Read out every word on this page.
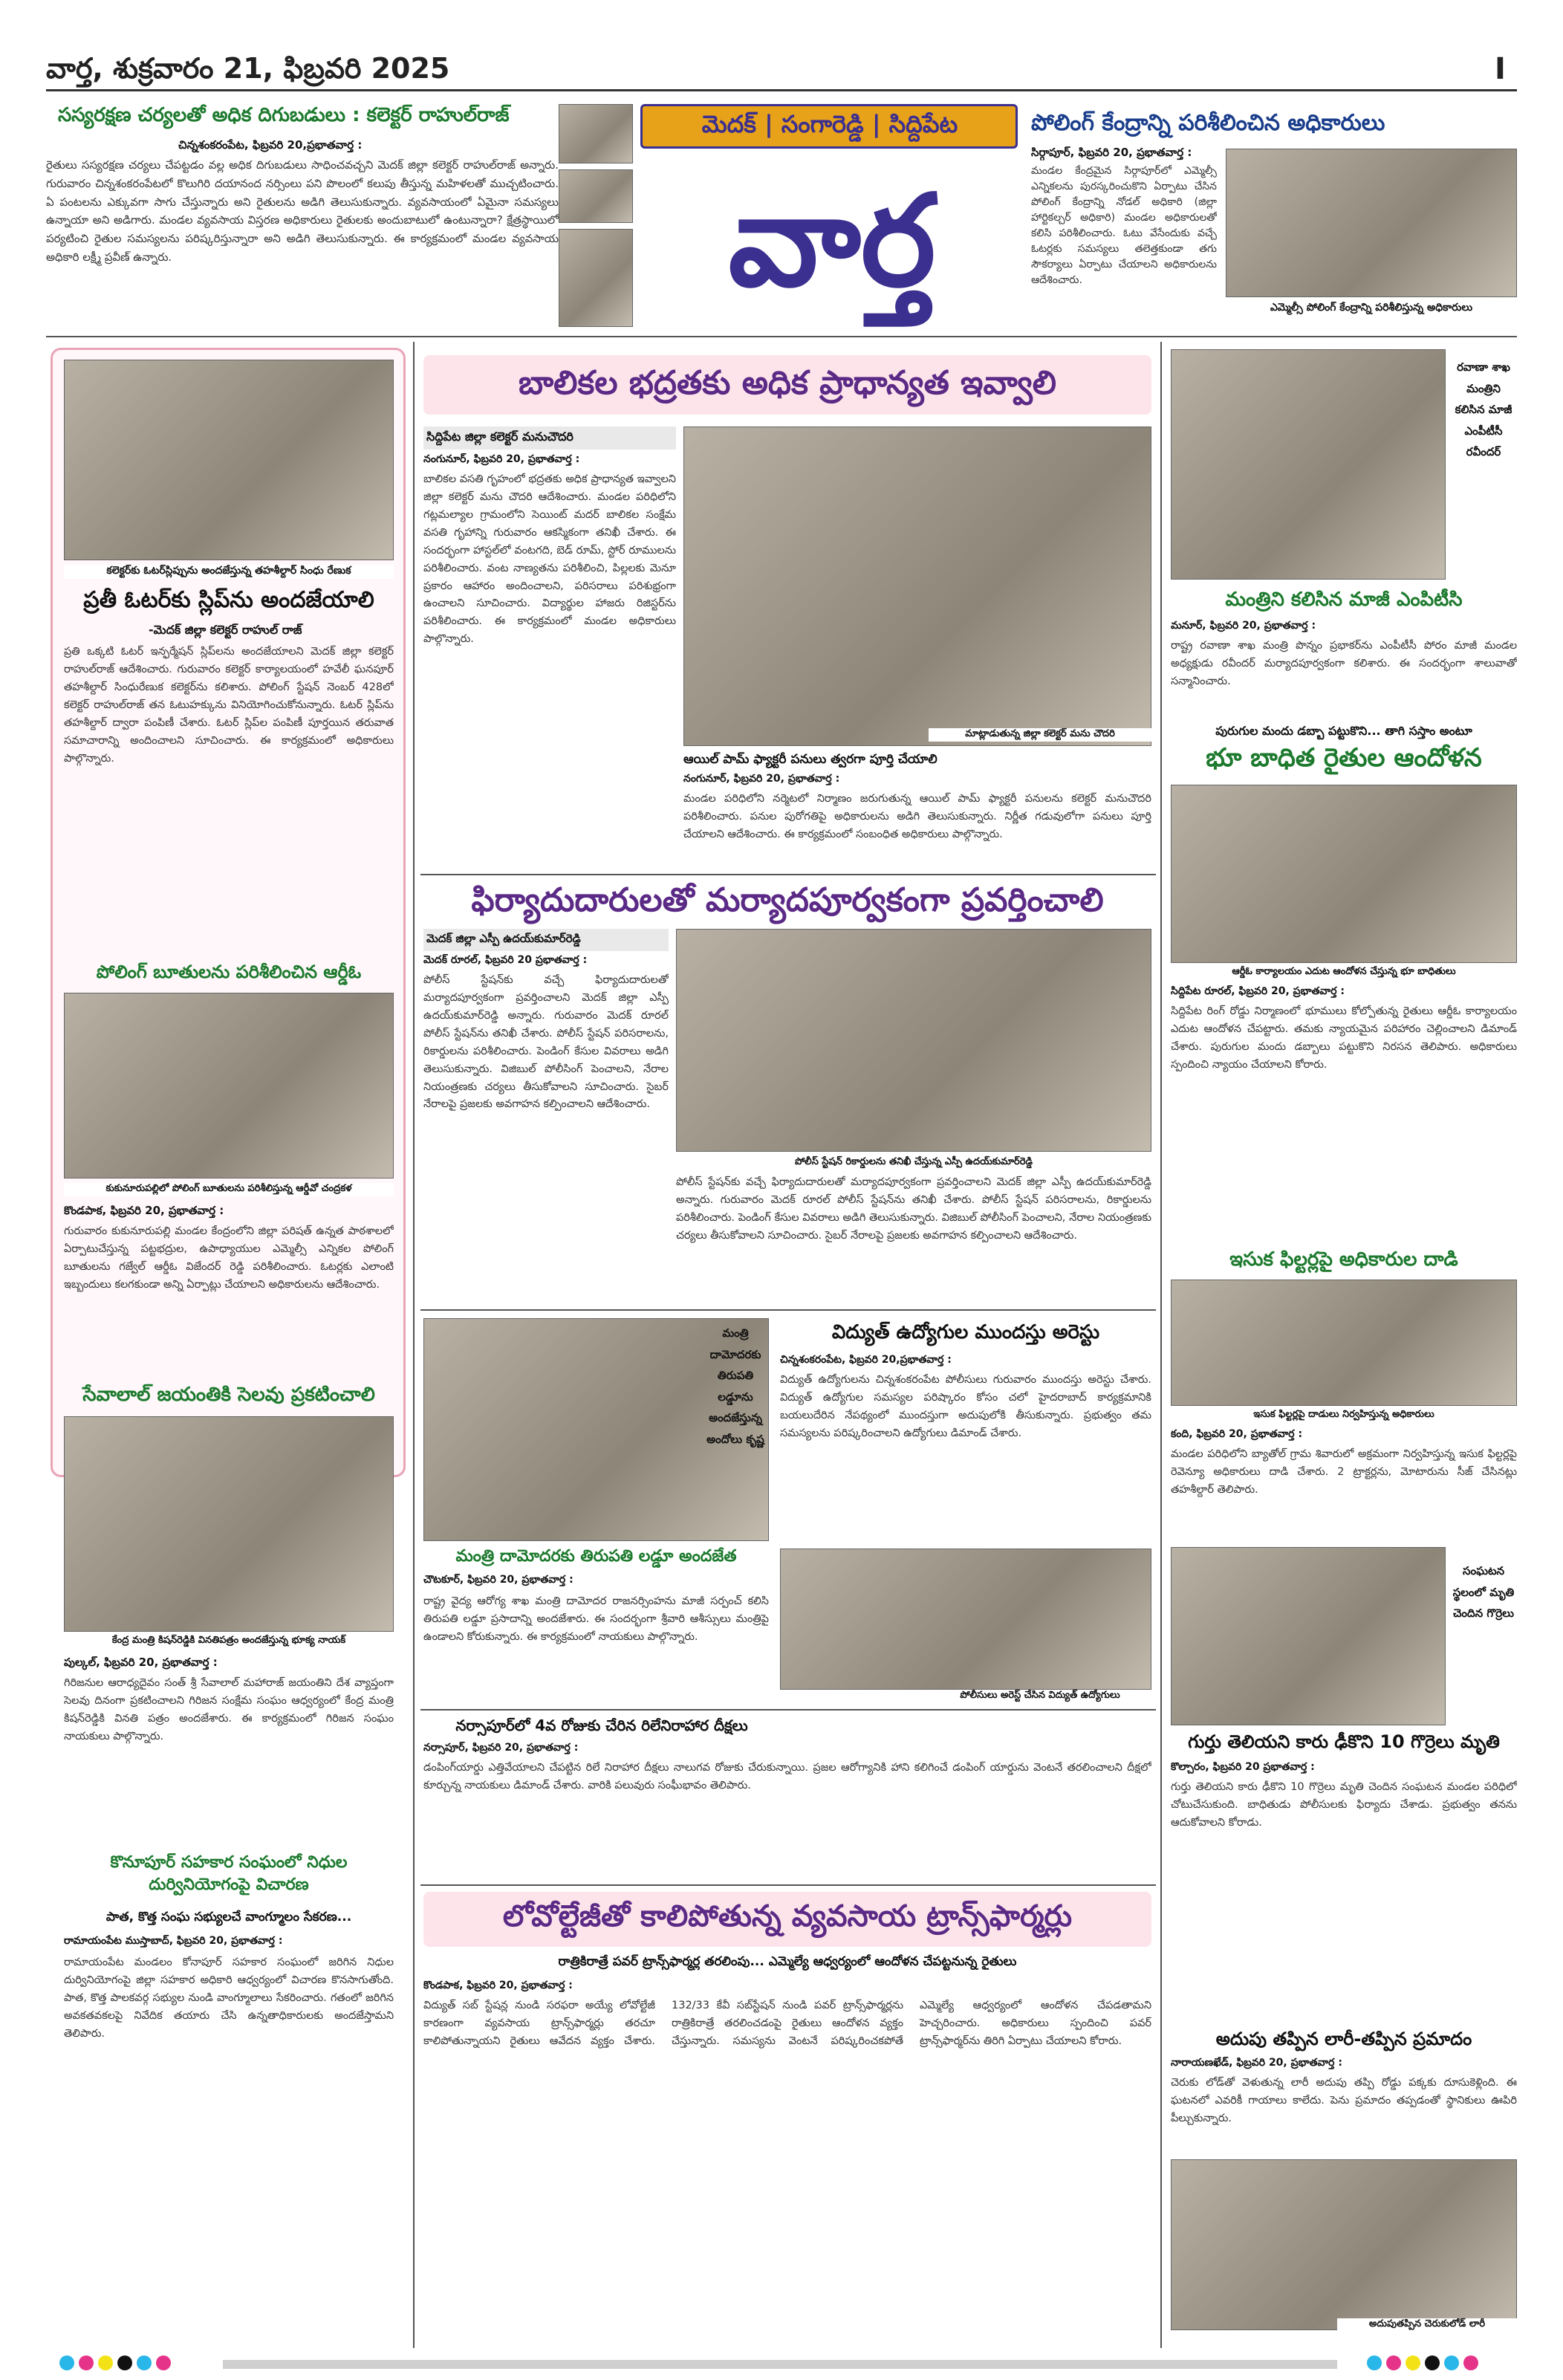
వార్త, శుక్రవారం 21, ఫిబ్రవరి 2025	I
సస్యరక్షణ చర్యలతో అధిక దిగుబడులు : కలెక్టర్ రాహుల్‌రాజ్
చిన్నశంకరంపేట, ఫిబ్రవరి 20,ప్రభాతవార్త :
రైతులు సస్యరక్షణ చర్యలు చేపట్టడం వల్ల అధిక దిగుబడులు సాధించవచ్చని మెదక్ జిల్లా కలెక్టర్ రాహుల్‌రాజ్ అన్నారు. గురువారం చిన్నశంకరంపేటలో కొలుగిరి దయానంద నర్సింలు పని పొలంలో కలుపు తీస్తున్న మహిళలతో ముచ్చటించారు. ఏ పంటలను ఎక్కువగా సాగు చేస్తున్నారు అని రైతులను అడిగి తెలుసుకున్నారు. వ్యవసాయంలో ఏమైనా సమస్యలు ఉన్నాయా అని అడిగారు. మండల వ్యవసాయ విస్తరణ అధికారులు రైతులకు అందుబాటులో ఉంటున్నారా? క్షేత్రస్థాయిలో పర్యటించి రైతుల సమస్యలను పరిష్కరిస్తున్నారా అని అడిగి తెలుసుకున్నారు. ఈ కార్యక్రమంలో మండల వ్యవసాయ అధికారి లక్ష్మీ ప్రవీణ్ ఉన్నారు.
మెదక్ | సంగారెడ్డి | సిద్దిపేట
వార్త
పోలింగ్ కేంద్రాన్ని పరిశీలించిన అధికారులు
సిర్గాపూర్, ఫిబ్రవరి 20, ప్రభాతవార్త :
మండల కేంద్రమైన సిర్గాపూర్‌లో ఎమ్మెల్సీ ఎన్నికలను పురస్కరించుకొని ఏర్పాటు చేసిన పోలింగ్ కేంద్రాన్ని నోడల్ అధికారి (జిల్లా హార్టికల్చర్ అధికారి) మండల అధికారులతో కలిసి పరిశీలించారు. ఓటు వేసేందుకు వచ్చే ఓటర్లకు సమస్యలు తలెత్తకుండా తగు సౌకర్యాలు ఏర్పాటు చేయాలని అధికారులను ఆదేశించారు.
ఎమ్మెల్సీ పోలింగ్ కేంద్రాన్ని పరిశీలిస్తున్న అధికారులు
కలెక్టర్‌కు ఓటర్‌స్లిప్పును అందజేస్తున్న తహశీల్దార్ సింధు రేణుక
ప్రతీ ఓటర్‌కు స్లిప్‌ను అందజేయాలి
-మెదక్ జిల్లా కలెక్టర్ రాహుల్ రాజ్
ప్రతి ఒక్కటి ఓటర్ ఇన్ఫర్మేషన్ స్లిప్‌లను అందజేయాలని మెదక్ జిల్లా కలెక్టర్ రాహుల్‌రాజ్ ఆదేశించారు. గురువారం కలెక్టర్ కార్యాలయంలో హవేలీ ఘనపూర్ తహశీల్దార్ సింధురేణుక కలెక్టర్‌ను కలిశారు. పోలింగ్ స్టేషన్ నెంబర్ 428లో కలెక్టర్ రాహుల్‌రాజ్ తన ఓటుహక్కును వినియోగించుకోనున్నారు. ఓటర్ స్లిప్‌ను తహశీల్దార్ ద్వారా పంపిణీ చేశారు. ఓటర్ స్లిప్‌ల పంపిణీ పూర్తయిన తరువాత సమాచారాన్ని అందించాలని సూచించారు. ఈ కార్యక్రమంలో అధికారులు పాల్గొన్నారు.
పోలింగ్ బూతులను పరిశీలించిన ఆర్డీఓ
కుకునూరుపల్లిలో పోలింగ్ బూతులను పరిశీలిస్తున్న ఆర్డీవో చంద్రకళ
కొండపాక, ఫిబ్రవరి 20, ప్రభాతవార్త :
గురువారం కుకునూరుపల్లి మండల కేంద్రంలోని జిల్లా పరిషత్ ఉన్నత పాఠశాలలో ఏర్పాటుచేస్తున్న పట్టభద్రుల, ఉపాధ్యాయుల ఎమ్మెల్సీ ఎన్నికల పోలింగ్ బూతులను గజ్వేల్ ఆర్డీఓ విజేందర్ రెడ్డి పరిశీలించారు. ఓటర్లకు ఎలాంటి ఇబ్బందులు కలగకుండా అన్ని ఏర్పాట్లు చేయాలని అధికారులను ఆదేశించారు.
సేవాలాల్ జయంతికి సెలవు ప్రకటించాలి
కేంద్ర మంత్రి కిషన్‌రెడ్డికి వినతిపత్రం అందజేస్తున్న భూక్య నాయక్
పుల్కల్, ఫిబ్రవరి 20, ప్రభాతవార్త :
గిరిజనుల ఆరాధ్యదైవం సంత్ శ్రీ సేవాలాల్ మహారాజ్ జయంతిని దేశ వ్యాప్తంగా సెలవు దినంగా ప్రకటించాలని గిరిజన సంక్షేమ సంఘం ఆధ్వర్యంలో కేంద్ర మంత్రి కిషన్‌రెడ్డికి వినతి పత్రం అందజేశారు. ఈ కార్యక్రమంలో గిరిజన సంఘం నాయకులు పాల్గొన్నారు.
కొనూపూర్ సహకార సంఘంలో నిధుల దుర్వినియోగంపై విచారణ
పాత, కొత్త సంఘ సభ్యులచే వాంగ్మూలం సేకరణ...
రామాయంపేట ముస్తాబాద్, ఫిబ్రవరి 20, ప్రభాతవార్త :
రామాయంపేట మండలం కోనాపూర్ సహకార సంఘంలో జరిగిన నిధుల దుర్వినియోగంపై జిల్లా సహకార అధికారి ఆధ్వర్యంలో విచారణ కొనసాగుతోంది. పాత, కొత్త పాలకవర్గ సభ్యుల నుండి వాంగ్మూలాలు సేకరించారు. గతంలో జరిగిన అవకతవకలపై నివేదిక తయారు చేసి ఉన్నతాధికారులకు అందజేస్తామని తెలిపారు.
బాలికల భద్రతకు అధిక ప్రాధాన్యత ఇవ్వాలి
సిద్దిపేట జిల్లా కలెక్టర్ మనుచౌదరి
నంగునూర్, ఫిబ్రవరి 20, ప్రభాతవార్త :
బాలికల వసతి గృహంలో భద్రతకు అధిక ప్రాధాన్యత ఇవ్వాలని జిల్లా కలెక్టర్ మను చౌదరి ఆదేశించారు. మండల పరిధిలోని గట్లమల్యాల గ్రామంలోని సెయింట్ మదర్ బాలికల సంక్షేమ వసతి గృహాన్ని గురువారం ఆకస్మికంగా తనిఖీ చేశారు. ఈ సందర్భంగా హాస్టల్‌లో వంటగది, బెడ్ రూమ్, స్టోర్ రూములను పరిశీలించారు. వంట నాణ్యతను పరిశీలించి, పిల్లలకు మెనూ ప్రకారం ఆహారం అందించాలని, పరిసరాలు పరిశుభ్రంగా ఉంచాలని సూచించారు. విద్యార్థుల హాజరు రిజిస్టర్‌ను పరిశీలించారు. ఈ కార్యక్రమంలో మండల అధికారులు పాల్గొన్నారు.
మాట్లాడుతున్న జిల్లా కలెక్టర్ మను చౌదరి
ఆయిల్ పామ్ ఫ్యాక్టరీ పనులు త్వరగా పూర్తి చేయాలి
నంగునూర్, ఫిబ్రవరి 20, ప్రభాతవార్త :
మండల పరిధిలోని నర్మెటలో నిర్మాణం జరుగుతున్న ఆయిల్ పామ్ ఫ్యాక్టరీ పనులను కలెక్టర్ మనుచౌదరి పరిశీలించారు. పనుల పురోగతిపై అధికారులను అడిగి తెలుసుకున్నారు. నిర్ణీత గడువులోగా పనులు పూర్తి చేయాలని ఆదేశించారు. ఈ కార్యక్రమంలో సంబంధిత అధికారులు పాల్గొన్నారు.
ఫిర్యాదుదారులతో మర్యాదపూర్వకంగా ప్రవర్తించాలి
మెదక్ జిల్లా ఎస్పీ ఉదయ్‌కుమార్‌రెడ్డి
మెదక్ రూరల్, ఫిబ్రవరి 20 ప్రభాతవార్త :
పోలీస్ స్టేషన్‌కు వచ్చే ఫిర్యాదుదారులతో మర్యాదపూర్వకంగా ప్రవర్తించాలని మెదక్ జిల్లా ఎస్పీ ఉదయ్‌కుమార్‌రెడ్డి అన్నారు. గురువారం మెదక్ రూరల్ పోలీస్ స్టేషన్‌ను తనిఖీ చేశారు. పోలీస్ స్టేషన్ పరిసరాలను, రికార్డులను పరిశీలించారు. పెండింగ్ కేసుల వివరాలు అడిగి తెలుసుకున్నారు. విజిబుల్ పోలీసింగ్ పెంచాలని, నేరాల నియంత్రణకు చర్యలు తీసుకోవాలని సూచించారు. సైబర్ నేరాలపై ప్రజలకు అవగాహన కల్పించాలని ఆదేశించారు.
పోలీస్ స్టేషన్ రికార్డులను తనిఖీ చేస్తున్న ఎస్పీ ఉదయ్‌కుమార్‌రెడ్డి
పోలీస్ స్టేషన్‌కు వచ్చే ఫిర్యాదుదారులతో మర్యాదపూర్వకంగా ప్రవర్తించాలని మెదక్ జిల్లా ఎస్పీ ఉదయ్‌కుమార్‌రెడ్డి అన్నారు. గురువారం మెదక్ రూరల్ పోలీస్ స్టేషన్‌ను తనిఖీ చేశారు. పోలీస్ స్టేషన్ పరిసరాలను, రికార్డులను పరిశీలించారు. పెండింగ్ కేసుల వివరాలు అడిగి తెలుసుకున్నారు. విజిబుల్ పోలీసింగ్ పెంచాలని, నేరాల నియంత్రణకు చర్యలు తీసుకోవాలని సూచించారు. సైబర్ నేరాలపై ప్రజలకు అవగాహన కల్పించాలని ఆదేశించారు.
మంత్రి దామోదరకు తిరుపతి లడ్డూను అందజేస్తున్న అందోలు కృష్ణ
మంత్రి దామోదరకు తిరుపతి లడ్డూ అందజేత
చౌటకూర్, ఫిబ్రవరి 20, ప్రభాతవార్త :
రాష్ట్ర వైద్య ఆరోగ్య శాఖ మంత్రి దామోదర రాజనర్సింహను మాజీ సర్పంచ్ కలిసి తిరుపతి లడ్డూ ప్రసాదాన్ని అందజేశారు. ఈ సందర్భంగా శ్రీవారి ఆశీస్సులు మంత్రిపై ఉండాలని కోరుకున్నారు. ఈ కార్యక్రమంలో నాయకులు పాల్గొన్నారు.
విద్యుత్ ఉద్యోగుల ముందస్తు అరెస్టు
చిన్నశంకరంపేట, ఫిబ్రవరి 20,ప్రభాతవార్త :
విద్యుత్ ఉద్యోగులను చిన్నశంకరంపేట పోలీసులు గురువారం ముందస్తు అరెస్టు చేశారు. విద్యుత్ ఉద్యోగుల సమస్యల పరిష్కారం కోసం చలో హైదరాబాద్ కార్యక్రమానికి బయలుదేరిన నేపథ్యంలో ముందస్తుగా అదుపులోకి తీసుకున్నారు. ప్రభుత్వం తమ సమస్యలను పరిష్కరించాలని ఉద్యోగులు డిమాండ్ చేశారు.
పోలీసులు అరెస్ట్ చేసిన విద్యుత్ ఉద్యోగులు
నర్సాపూర్‌లో 4వ రోజుకు చేరిన రిలేనిరాహార దీక్షలు
నర్సాపూర్, ఫిబ్రవరి 20, ప్రభాతవార్త :
డంపింగ్‌యార్డు ఎత్తివేయాలని చేపట్టిన రిలే నిరాహార దీక్షలు నాలుగవ రోజుకు చేరుకున్నాయి. ప్రజల ఆరోగ్యానికి హాని కలిగించే డంపింగ్ యార్డును వెంటనే తరలించాలని దీక్షలో కూర్చున్న నాయకులు డిమాండ్ చేశారు. వారికి పలువురు సంఘీభావం తెలిపారు.
లోవోల్టేజీతో కాలిపోతున్న వ్యవసాయ ట్రాన్స్‌ఫార్మర్లు
రాత్రికిరాత్రే పవర్ ట్రాన్స్‌ఫార్మర్ల తరలింపు... ఎమ్మెల్యే ఆధ్వర్యంలో ఆందోళన చేపట్టనున్న రైతులు
కొండపాక, ఫిబ్రవరి 20, ప్రభాతవార్త :
విద్యుత్ సబ్ స్టేషన్ల నుండి సరఫరా అయ్యే లోవోల్టేజీ కారణంగా వ్యవసాయ ట్రాన్స్‌ఫార్మర్లు తరచూ కాలిపోతున్నాయని రైతులు ఆవేదన వ్యక్తం చేశారు. 132/33 కేవీ సబ్‌స్టేషన్ నుండి పవర్ ట్రాన్స్‌ఫార్మర్లను రాత్రికిరాత్రే తరలించడంపై రైతులు ఆందోళన వ్యక్తం చేస్తున్నారు. సమస్యను వెంటనే పరిష్కరించకపోతే ఎమ్మెల్యే ఆధ్వర్యంలో ఆందోళన చేపడతామని హెచ్చరించారు. అధికారులు స్పందించి పవర్ ట్రాన్స్‌ఫార్మర్‌ను తిరిగి ఏర్పాటు చేయాలని కోరారు.
రవాణా శాఖ మంత్రిని కలిసిన మాజీ ఎంపీటీసీ రవీందర్
మంత్రిని కలిసిన మాజీ ఎంపిటీసి
మనూర్, ఫిబ్రవరి 20, ప్రభాతవార్త :
రాష్ట్ర రవాణా శాఖ మంత్రి పొన్నం ప్రభాకర్‌ను ఎంపీటీసీ పోరం మాజీ మండల అధ్యక్షుడు రవీందర్ మర్యాదపూర్వకంగా కలిశారు. ఈ సందర్భంగా శాలువాతో సన్మానించారు.
పురుగుల మందు డబ్బా పట్టుకొని... తాగి సస్తాం అంటూ
భూ బాధిత రైతుల ఆందోళన
ఆర్డీఓ కార్యాలయం ఎదుట ఆందోళన చేస్తున్న భూ బాధితులు
సిద్దిపేట రూరల్, ఫిబ్రవరి 20, ప్రభాతవార్త :
సిద్దిపేట రింగ్ రోడ్డు నిర్మాణంలో భూములు కోల్పోతున్న రైతులు ఆర్డీఓ కార్యాలయం ఎదుట ఆందోళన చేపట్టారు. తమకు న్యాయమైన పరిహారం చెల్లించాలని డిమాండ్ చేశారు. పురుగుల మందు డబ్బాలు పట్టుకొని నిరసన తెలిపారు. అధికారులు స్పందించి న్యాయం చేయాలని కోరారు.
ఇసుక ఫిల్టర్లపై అధికారుల దాడి
ఇసుక ఫిల్టర్లపై దాడులు నిర్వహిస్తున్న అధికారులు
కంది, ఫిబ్రవరి 20, ప్రభాతవార్త :
మండల పరిధిలోని బ్యాతోల్ గ్రామ శివారులో అక్రమంగా నిర్వహిస్తున్న ఇసుక ఫిల్టర్లపై రెవెన్యూ అధికారులు దాడి చేశారు. 2 ట్రాక్టర్లను, మోటారును సీజ్ చేసినట్లు తహశీల్దార్ తెలిపారు.
సంఘటన స్థలంలో మృతి చెందిన గొర్రెలు
గుర్తు తెలియని కారు ఢీకొని 10 గొర్రెలు మృతి
కొల్చారం, ఫిబ్రవరి 20 ప్రభాతవార్త :
గుర్తు తెలియని కారు ఢీకొని 10 గొర్రెలు మృతి చెందిన సంఘటన మండల పరిధిలో చోటుచేసుకుంది. బాధితుడు పోలీసులకు ఫిర్యాదు చేశాడు. ప్రభుత్వం తనను ఆదుకోవాలని కోరాడు.
అదుపు తప్పిన లారీ-తప్పిన ప్రమాదం
నారాయణఖేడ్, ఫిబ్రవరి 20, ప్రభాతవార్త :
చెరుకు లోడ్‌తో వెళుతున్న లారీ అదుపు తప్పి రోడ్డు పక్కకు దూసుకెళ్లింది. ఈ ఘటనలో ఎవరికీ గాయాలు కాలేదు. పెను ప్రమాదం తప్పడంతో స్థానికులు ఊపిరి పీల్చుకున్నారు.
అదుపుతప్పిన చెరుకులోడ్ లారీ
